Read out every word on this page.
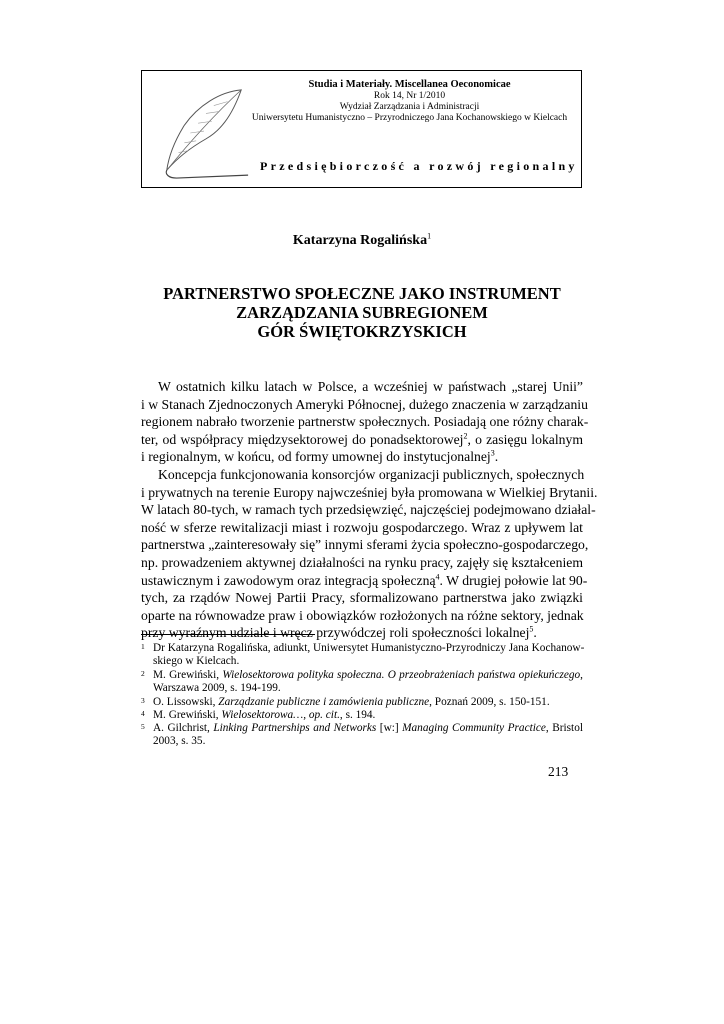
Studia i Materiały. Miscellanea Oeconomicae
Rok 14, Nr 1/2010
Wydział Zarządzania i Administracji
Uniwersytetu Humanistyczno – Przyrodniczego Jana Kochanowskiego w Kielcach
Przedsiębiorczość a rozwój regionalny
Katarzyna Rogalińska$^1$
PARTNERSTWO SPOŁECZNE JAKO INSTRUMENT
ZARZĄDZANIA SUBREGIONEM
GÓR ŚWIĘTOKRZYSKICH
W ostatnich kilku latach w Polsce, a wcześniej w państwach „starej Unii”
i w Stanach Zjednoczonych Ameryki Północnej, dużego znaczenia w zarządzaniu
regionem nabrało tworzenie partnerstw społecznych. Posiadają one różny charak-
ter, od współpracy międzysektorowej do ponadsektorowej$^2$, o zasięgu lokalnym
i regionalnym, w końcu, od formy umownej do instytucjonalnej$^3$.
Koncepcja funkcjonowania konsorcjów organizacji publicznych, społecznych
i prywatnych na terenie Europy najwcześniej była promowana w Wielkiej Brytanii.
W latach 80-tych, w ramach tych przedsięwzięć, najczęściej podejmowano działal-
ność w sferze rewitalizacji miast i rozwoju gospodarczego. Wraz z upływem lat
partnerstwa „zainteresowały się” innymi sferami życia społeczno-gospodarczego,
np. prowadzeniem aktywnej działalności na rynku pracy, zajęły się kształceniem
ustawicznym i zawodowym oraz integracją społeczną$^4$. W drugiej połowie lat 90-
tych, za rządów Nowej Partii Pracy, sformalizowano partnerstwa jako związki
oparte na równowadze praw i obowiązków rozłożonych na różne sektory, jednak
przy wyraźnym udziale i wręcz przywódczej roli społeczności lokalnej$^5$.
1 Dr Katarzyna Rogalińska, adiunkt, Uniwersytet Humanistyczno-Przyrodniczy Jana Kochanow-
skiego w Kielcach.
2 M. Grewiński, Wielosektorowa polityka społeczna. O przeobrażeniach państwa opiekuńczego,
Warszawa 2009, s. 194-199.
3 O. Lissowski, Zarządzanie publiczne i zamówienia publiczne, Poznań 2009, s. 150-151.
4 M. Grewiński, Wielosektorowa…, op. cit., s. 194.
5 A. Gilchrist, Linking Partnerships and Networks [w:] Managing Community Practice, Bristol
2003, s. 35.
213
